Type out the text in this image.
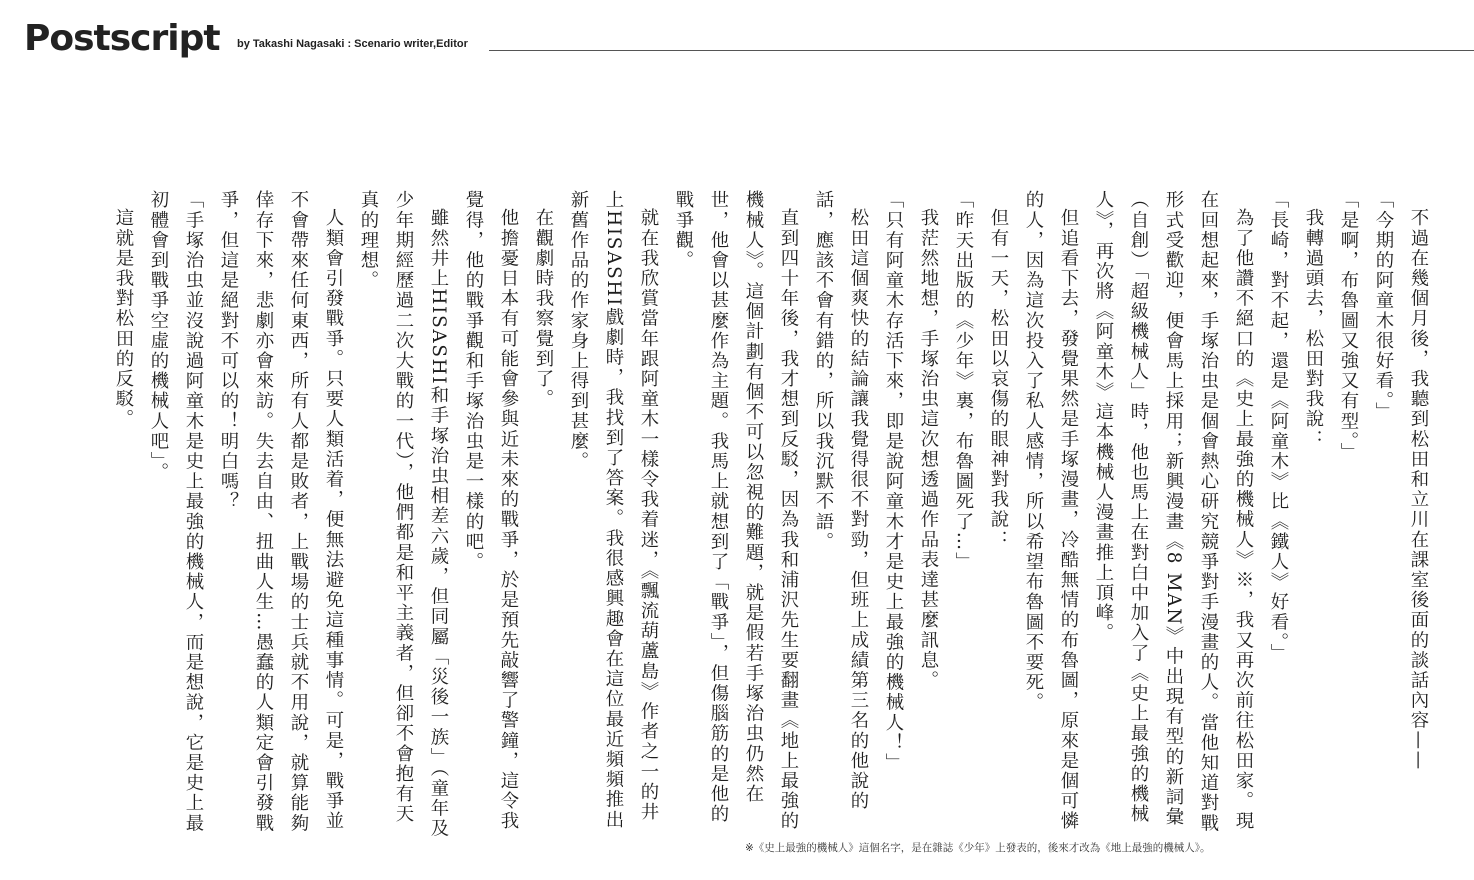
Postscript by Takashi Nagasaki : Scenario writer,Editor

不過在幾個月後，我聽到松田和立川在課室後面的談話內容——

「今期的阿童木很好看。」

「是啊，布魯圖又強又有型。」

我轉過頭去，松田對我說：

「長崎，對不起，還是《阿童木》比《鐵人》好看。」

為了他讚不絕口的《史上最強的機械人》※，我又再次前往松田家。現在回想起來，手塚治虫是個會熱心研究競爭對手漫畫的人。當他知道對戰形式受歡迎，便會馬上採用；新興漫畫《8 MAN》中出現有型的新詞彙（自創）「超級機械人」時，他也馬上在對白中加入了《史上最強的機械人》，再次將《阿童木》這本機械人漫畫推上頂峰。

但追看下去，發覺果然是手塚漫畫，冷酷無情的布魯圖，原來是個可憐的人，因為這次投入了私人感情，所以希望布魯圖不要死。

但有一天，松田以哀傷的眼神對我說：

「昨天出版的《少年》裏，布魯圖死了…」

我茫然地想，手塚治虫這次想透過作品表達甚麼訊息。

「只有阿童木存活下來，即是說阿童木才是史上最強的機械人！」

松田這個爽快的結論讓我覺得很不對勁，但班上成績第三名的他說的話，應該不會有錯的，所以我沉默不語。

直到四十年後，我才想到反駁，因為我和浦沢先生要翻畫《地上最強的機械人》。這個計劃有個不可以忽視的難題，就是假若手塚治虫仍然在世，他會以甚麼作為主題。我馬上就想到了「戰爭」，但傷腦筋的是他的戰爭觀。

就在我欣賞當年跟阿童木一樣令我着迷，《飄流葫蘆島》作者之一的井上HISASHI戲劇時，我找到了答案。我很感興趣會在這位最近頻頻推出新舊作品的作家身上得到甚麼。

在觀劇時我察覺到了。

他擔憂日本有可能會參與近未來的戰爭，於是預先敲響了警鐘，這令我覺得，他的戰爭觀和手塚治虫是一樣的吧。

雖然井上HISASHI和手塚治虫相差六歲，但同屬「災後一族」（童年及少年期經歷過二次大戰的一代），他們都是和平主義者，但卻不會抱有天真的理想。

人類會引發戰爭。只要人類活着，便無法避免這種事情。可是，戰爭並不會帶來任何東西，所有人都是敗者，上戰場的士兵就不用說，就算能夠倖存下來，悲劇亦會來訪。失去自由、扭曲人生…愚蠢的人類定會引發戰爭，但這是絕對不可以的！明白嗎？

「手塚治虫並沒說過阿童木是史上最強的機械人，而是想說，它是史上最初體會到戰爭空虛的機械人吧」。

這就是我對松田的反駁。

※《史上最強的機械人》這個名字，是在雜誌《少年》上發表的，後來才改為《地上最強的機械人》。
